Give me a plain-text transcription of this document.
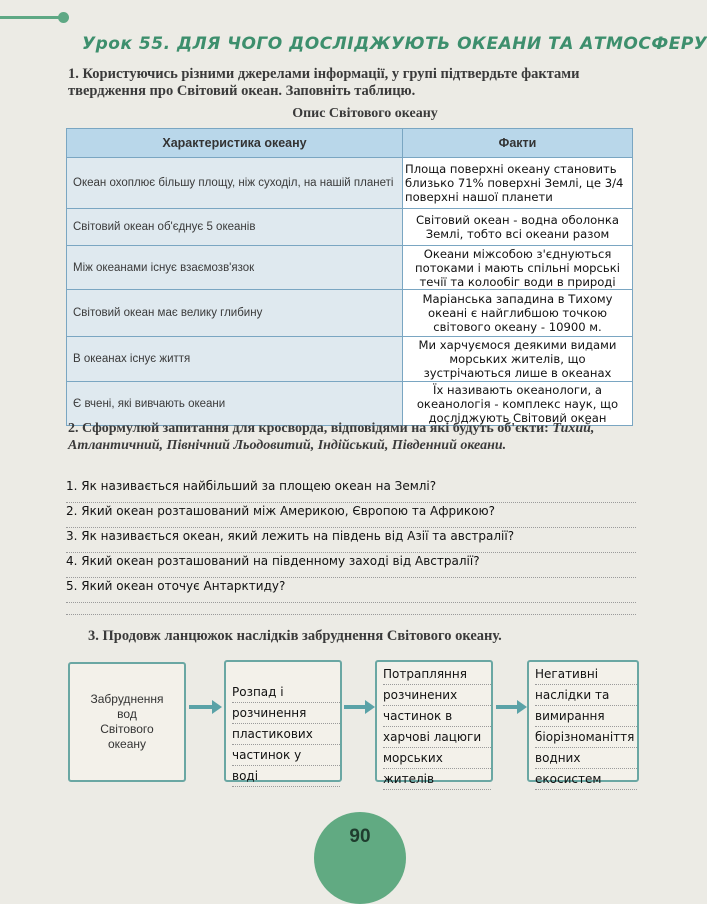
Урок 55. ДЛЯ ЧОГО ДОСЛІДЖУЮТЬ ОКЕАНИ ТА АТМОСФЕРУ
1. Користуючись різними джерелами інформації, у групі підтвердьте фактами твердження про Світовий океан. Заповніть таблицю.
Опис Світового океану
Характеристика океану	Факти
Океан охоплює більшу площу, ніж суходіл, на нашій планеті	Площа поверхні океану становить близько 71% поверхні Землі, це 3/4 поверхні нашої планети
Світовий океан об'єднує 5 океанів	Світовий океан - водна оболонка Землі, тобто всі океани разом
Між океанами існує взаємозв'язок	Океани міжсобою з'єднуються потоками і мають спільні морські течії та колообіг води в природі
Світовий океан має велику глибину	Маріанська западина в Тихому океані є найглибшою точкою світового океану - 10900 м.
В океанах існує життя	Ми харчуємося деякими видами морських жителів, що зустрічаються лише в океанах
Є вчені, які вивчають океани	Їх називають океанологи, а океанологія - комплекс наук, що досліджують Світовий океан
2. Сформулюй запитання для кросворда, відповідями на які будуть об'єкти: Тихий, Атлантичний, Північний Льодовитий, Індійський, Південний океани.
1. Як називається найбільший за площею океан на Землі?
2. Який океан розташований між Америкою, Європою та Африкою?
3. Як називається океан, який лежить на південь від Азії та австралії?
4. Який океан розташований на південному заході від Австралії?
5. Який океан оточує Антарктиду?
3. Продовж ланцюжок наслідків забруднення Світового океану.
Забруднення
вод
Світового
океану
Розпад і
розчинення
пластикових
частинок у
воді
Потрапляння
розчинених
частинок в
харчові лацюги
морських
жителів
Негативні
наслідки та
вимирання
біорізноманіття
водних
екосистем
90
